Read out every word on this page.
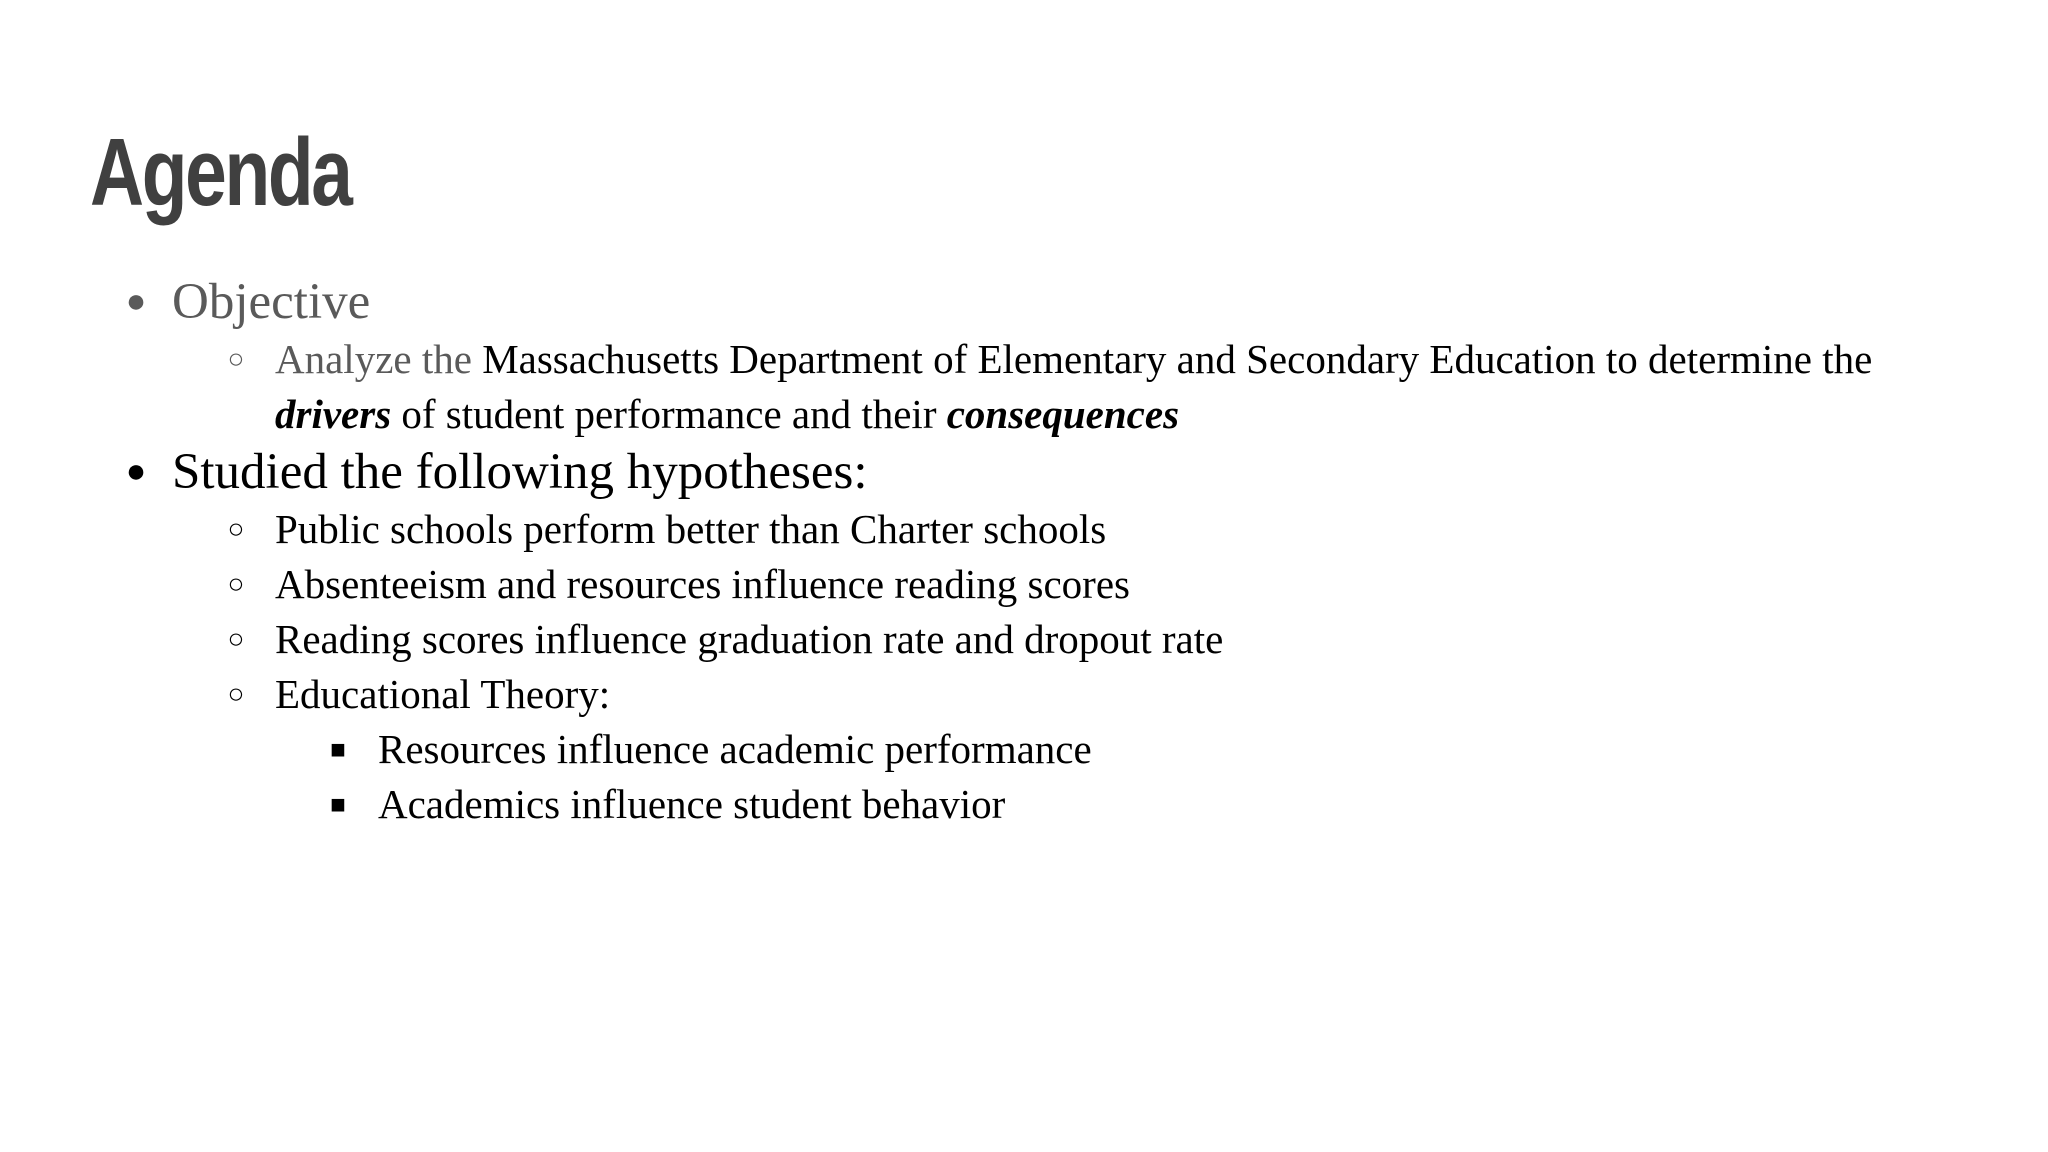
Agenda
● Objective
○ Analyze the Massachusetts Department of Elementary and Secondary Education to determine the
drivers of student performance and their consequences
● Studied the following hypotheses:
○ Public schools perform better than Charter schools
○ Absenteeism and resources influence reading scores
○ Reading scores influence graduation rate and dropout rate
○ Educational Theory:
■ Resources influence academic performance
■ Academics influence student behavior
